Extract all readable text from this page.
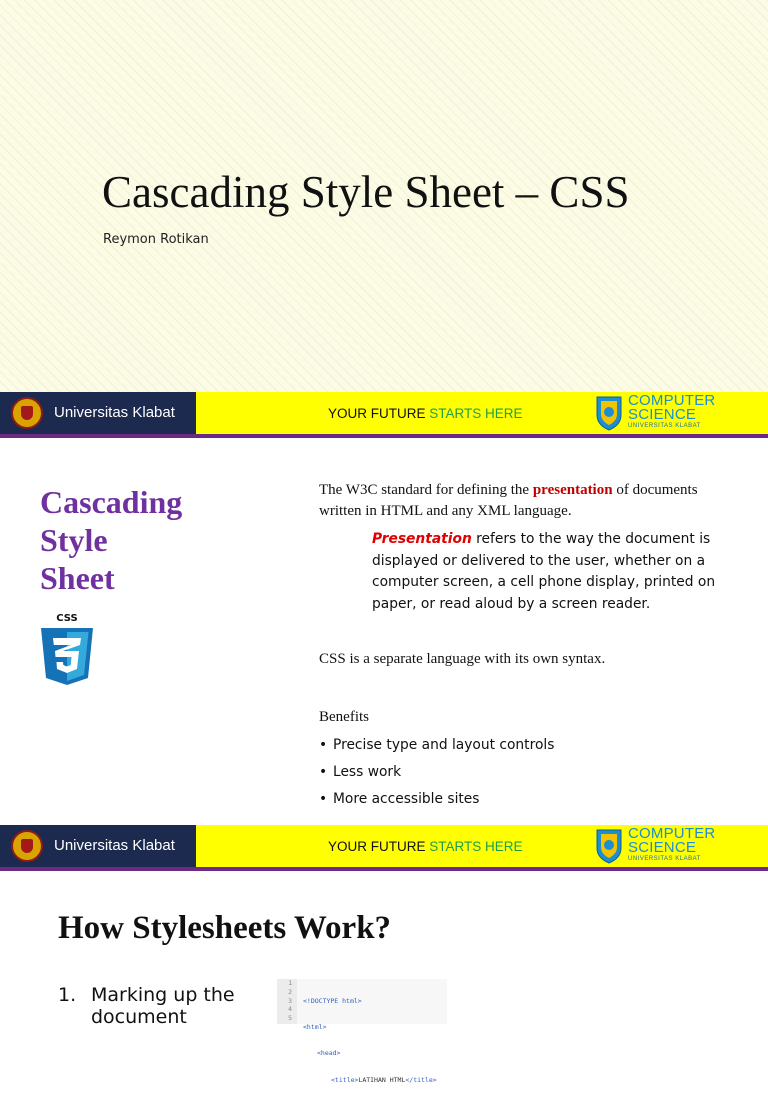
Cascading Style Sheet – CSS
Reymon Rotikan
Universitas Klabat	YOUR FUTURE STARTS HERE
COMPUTER
SCIENCE
UNIVERSITAS KLABAT
Cascading
Style
Sheet
CSS
The W3C standard for defining the presentation of documents written in HTML and any XML language.
Presentation refers to the way the document is displayed or delivered to the user, whether on a computer screen, a cell phone display, printed on paper, or read aloud by a screen reader.
CSS is a separate language with its own syntax.
Benefits
• Precise type and layout controls
• Less work
• More accessible sites
Universitas Klabat	YOUR FUTURE STARTS HERE
COMPUTER
SCIENCE
UNIVERSITAS KLABAT
How Stylesheets Work?
1. Marking up the
document
1
2
3
4
5

<!DOCTYPE html>

<html>

<head>

<title>LATIHAN HTML</title>
